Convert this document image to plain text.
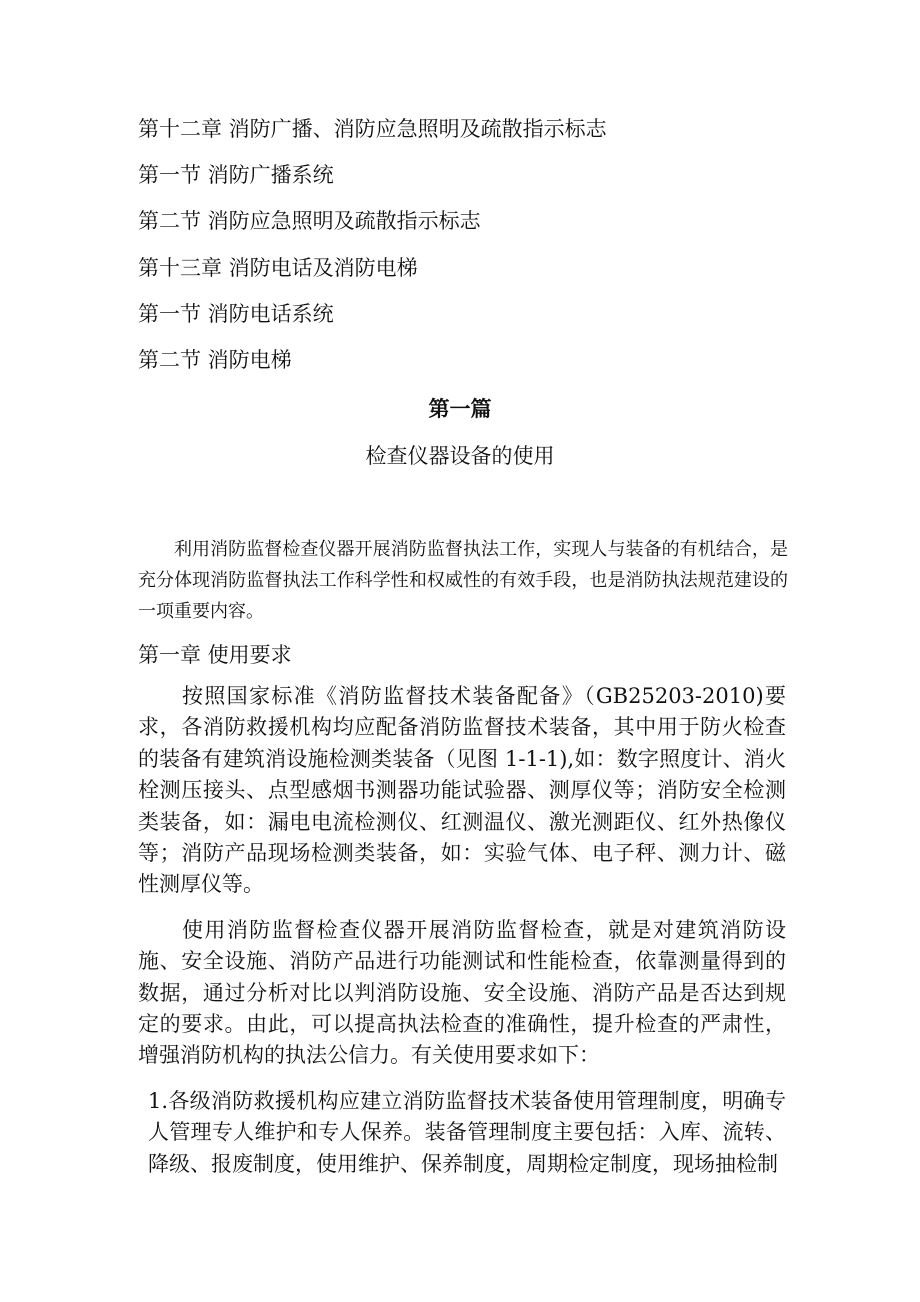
第十二章 消防广播、消防应急照明及疏散指示标志
第一节 消防广播系统
第二节 消防应急照明及疏散指示标志
第十三章 消防电话及消防电梯
第一节 消防电话系统
第二节 消防电梯
第一篇
检查仪器设备的使用
利用消防监督检查仪器开展消防监督执法工作，实现人与装备的有机结合，是充分体现消防监督执法工作科学性和权威性的有效手段，也是消防执法规范建设的一项重要内容。
第一章 使用要求

按照国家标准《消防监督技术装备配备》（GB25203-2010)要求，各消防救援机构均应配备消防监督技术装备，其中用于防火检查的装备有建筑消设施检测类装备（见图 1-1-1),如：数字照度计、消火栓测压接头、点型感烟书测器功能试验器、测厚仪等；消防安全检测类装备，如：漏电电流检测仪、红测温仪、激光测距仪、红外热像仪等；消防产品现场检测类装备，如：实验气体、电子秤、测力计、磁性测厚仪等。

使用消防监督检查仪器开展消防监督检查，就是对建筑消防设施、安全设施、消防产品进行功能测试和性能检查，依靠测量得到的数据，通过分析对比以判消防设施、安全设施、消防产品是否达到规定的要求。由此，可以提高执法检查的准确性，提升检查的严肃性，增强消防机构的执法公信力。有关使用要求如下：

1.各级消防救援机构应建立消防监督技术装备使用管理制度，明确专人管理专人维护和专人保养。装备管理制度主要包括：入库、流转、降级、报废制度，使用维护、保养制度，周期检定制度，现场抽检制
